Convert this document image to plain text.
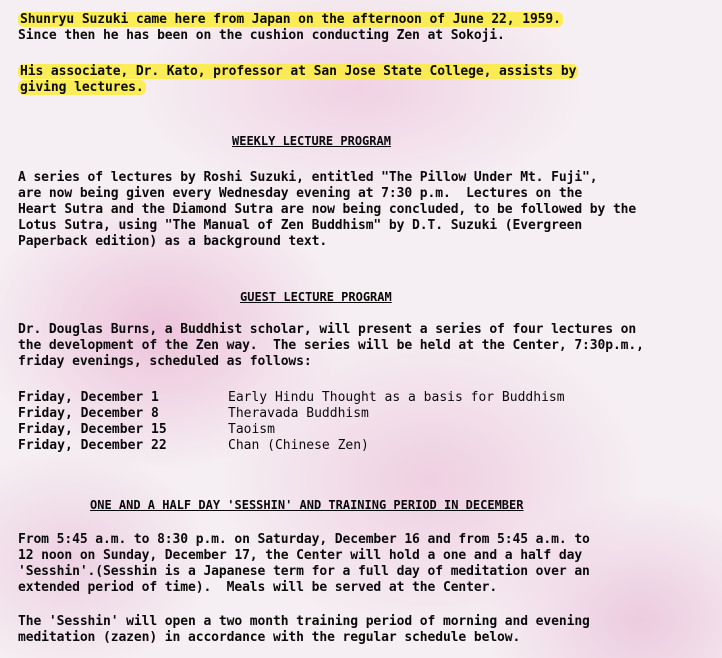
Shunryu Suzuki came here from Japan on the afternoon of June 22, 1959.
Since then he has been on the cushion conducting Zen at Sokoji.
His associate, Dr. Kato, professor at San Jose State College, assists by
giving lectures.
WEEKLY LECTURE PROGRAM
A series of lectures by Roshi Suzuki, entitled "The Pillow Under Mt. Fuji",
are now being given every Wednesday evening at 7:30 p.m.  Lectures on the
Heart Sutra and the Diamond Sutra are now being concluded, to be followed by the
Lotus Sutra, using "The Manual of Zen Buddhism" by D.T. Suzuki (Evergreen
Paperback edition) as a background text.
GUEST LECTURE PROGRAM
Dr. Douglas Burns, a Buddhist scholar, will present a series of four lectures on
the development of the Zen way.  The series will be held at the Center, 7:30p.m.,
friday evenings, scheduled as follows:
Friday, December 1	Early Hindu Thought as a basis for Buddhism
Friday, December 8	Theravada Buddhism
Friday, December 15	Taoism
Friday, December 22	Chan (Chinese Zen)
ONE AND A HALF DAY 'SESSHIN' AND TRAINING PERIOD IN DECEMBER
From 5:45 a.m. to 8:30 p.m. on Saturday, December 16 and from 5:45 a.m. to
12 noon on Sunday, December 17, the Center will hold a one and a half day
'Sesshin'.(Sesshin is a Japanese term for a full day of meditation over an
extended period of time).  Meals will be served at the Center.
The 'Sesshin' will open a two month training period of morning and evening
meditation (zazen) in accordance with the regular schedule below.
